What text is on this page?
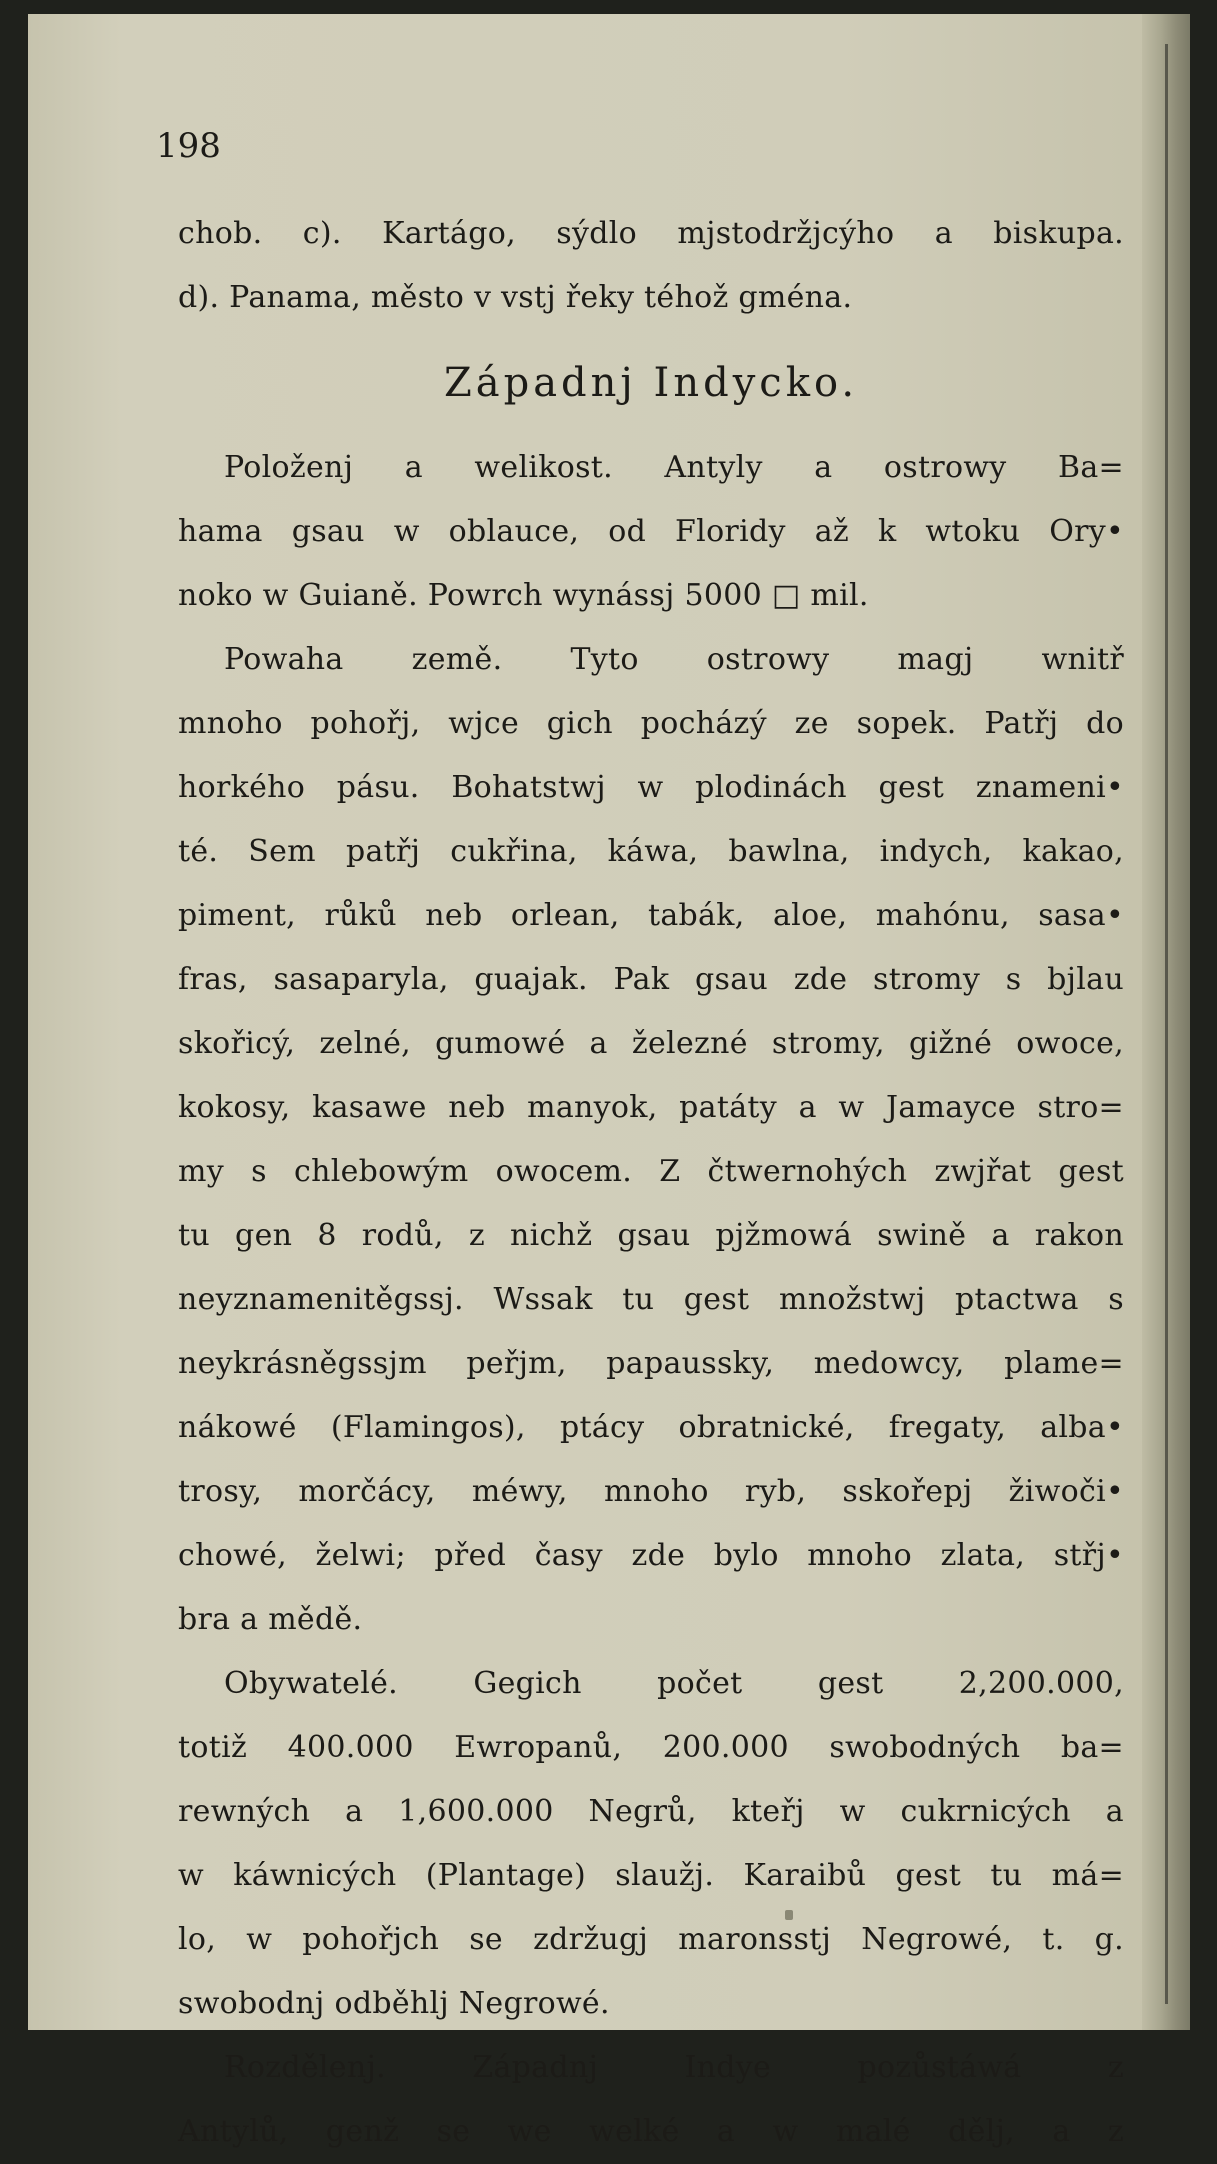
198
chob. c). Kartágo, sýdlo mjstodržjcýho a biskupa.
d). Panama, město v vstj řeky téhož gména.
Západnj Indycko.
Položenj a welikost. Antyly a ostrowy Ba=
hama gsau w oblauce, od Floridy až k wtoku Ory•
noko w Guianě. Powrch wynássj 5000 □ mil.
Powaha země. Tyto ostrowy magj wnitř
mnoho pohořj, wjce gich pocházý ze sopek. Patřj do
horkého pásu. Bohatstwj w plodinách gest znameni•
té. Sem patřj cukřina, káwa, bawlna, indych, kakao,
piment, růků neb orlean, tabák, aloe, mahónu, sasa•
fras, sasaparyla, guajak. Pak gsau zde stromy s bjlau
skořicý, zelné, gumowé a železné stromy, gižné owoce,
kokosy, kasawe neb manyok, patáty a w Jamayce stro=
my s chlebowým owocem. Z čtwernohých zwjřat gest
tu gen 8 rodů, z nichž gsau pjžmowá swině a rakon
neyznamenitěgssj. Wssak tu gest množstwj ptactwa s
neykrásněgssjm peřjm, papaussky, medowcy, plame=
nákowé (Flamingos), ptácy obratnické, fregaty, alba•
trosy, morčácy, méwy, mnoho ryb, sskořepj žiwoči•
chowé, želwi; před časy zde bylo mnoho zlata, střj•
bra a mědě.
Obywatelé. Gegich počet gest 2,200.000,
totiž 400.000 Ewropanů, 200.000 swobodných ba=
rewných a 1,600.000 Negrů, kteřj w cukrnicých a
w káwnicých (Plantage) slaužj. Karaibů gest tu má=
lo, w pohořjch se zdržugj maronsstj Negrowé, t. g.
swobodnj odběhlj Negrowé.
Rozdělenj. Západnj Indye pozůstáwá z
Antylů, genž se we welké a w malé dělj, a z
